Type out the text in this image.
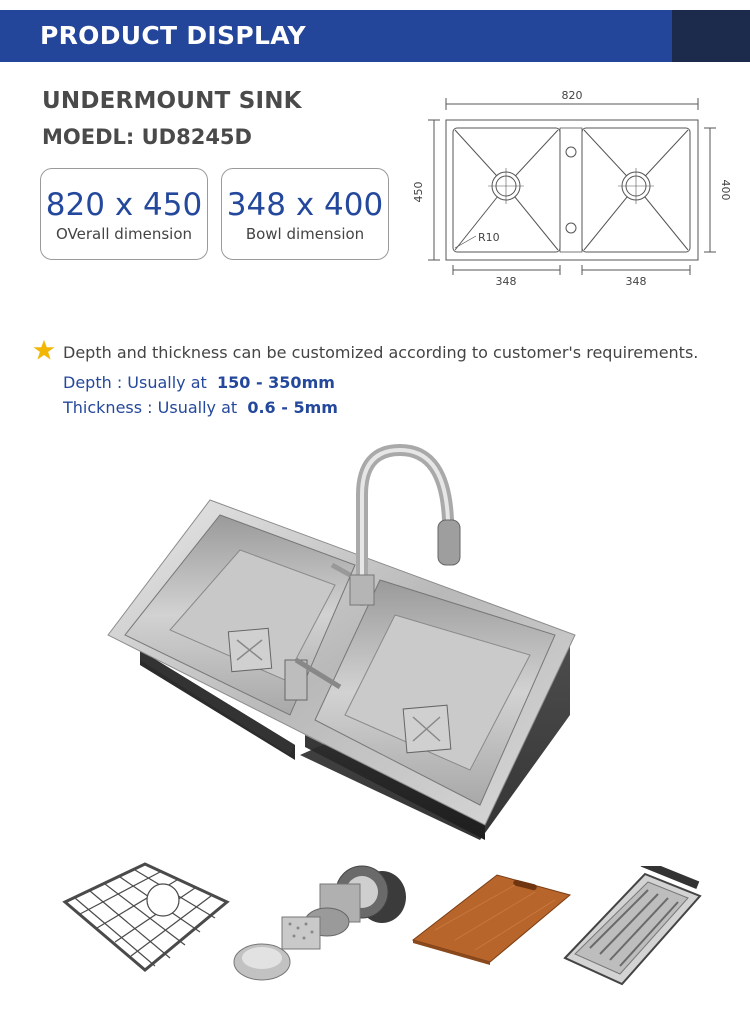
PRODUCT DISPLAY
UNDERMOUNT SINK
MOEDL: UD8245D
820 x 450
OVerall dimension
348 x 400
Bowl dimension
820
450	400
348	348
R10
Depth and thickness can be customized according to customer's requirements.
Depth : Usually at 150 - 350mm
Thickness : Usually at 0.6 - 5mm
